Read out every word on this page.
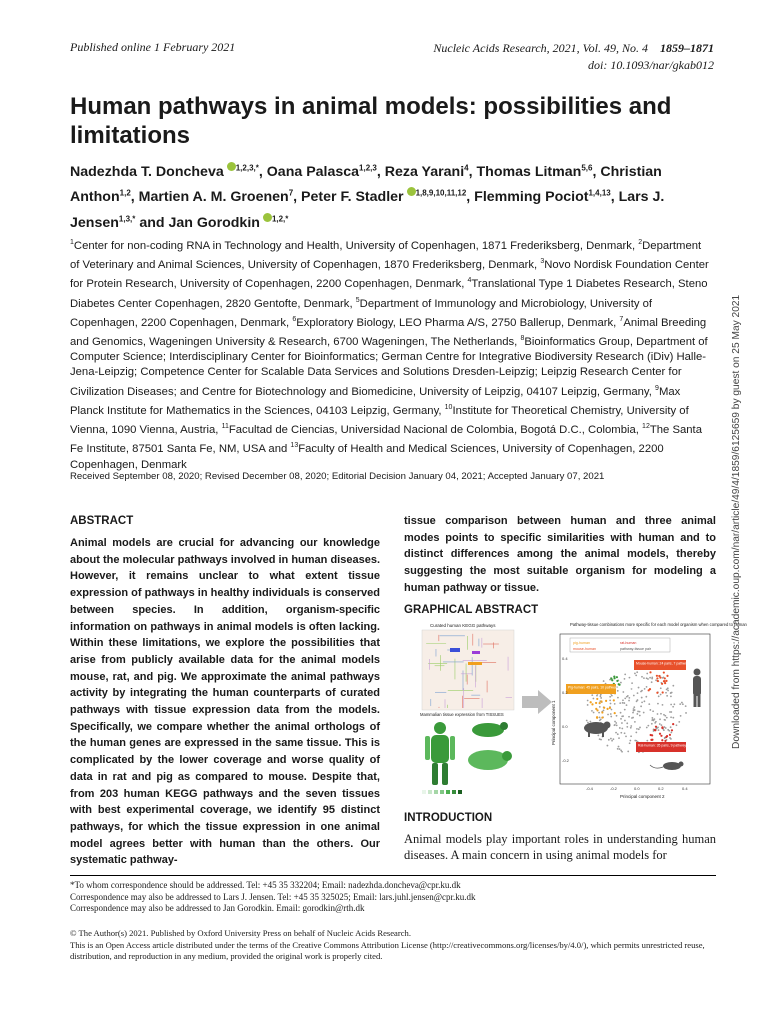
Published online 1 February 2021	Nucleic Acids Research, 2021, Vol. 49, No. 4 1859–1871
doi: 10.1093/nar/gkab012
Human pathways in animal models: possibilities and limitations
Nadezhda T. Doncheva $^{1,2,3,*}$, Oana Palasca$^{1,2,3}$, Reza Yarani$^4$, Thomas Litman$^{5,6}$, Christian Anthon$^{1,2}$, Martien A. M. Groenen$^7$, Peter F. Stadler $^{1,8,9,10,11,12}$, Flemming Pociot$^{1,4,13}$, Lars J. Jensen$^{1,3,*}$ and Jan Gorodkin $^{1,2,*}$
$^1$Center for non-coding RNA in Technology and Health, University of Copenhagen, 1871 Frederiksberg, Denmark, $^2$Department of Veterinary and Animal Sciences, University of Copenhagen, 1870 Frederiksberg, Denmark, $^3$Novo Nordisk Foundation Center for Protein Research, University of Copenhagen, 2200 Copenhagen, Denmark, $^4$Translational Type 1 Diabetes Research, Steno Diabetes Center Copenhagen, 2820 Gentofte, Denmark, $^5$Department of Immunology and Microbiology, University of Copenhagen, 2200 Copenhagen, Denmark, $^6$Exploratory Biology, LEO Pharma A/S, 2750 Ballerup, Denmark, $^7$Animal Breeding and Genomics, Wageningen University & Research, 6700 Wageningen, The Netherlands, $^8$Bioinformatics Group, Department of Computer Science; Interdisciplinary Center for Bioinformatics; German Centre for Integrative Biodiversity Research (iDiv) Halle-Jena-Leipzig; Competence Center for Scalable Data Services and Solutions Dresden-Leipzig; Leipzig Research Center for Civilization Diseases; and Centre for Biotechnology and Biomedicine, University of Leipzig, 04107 Leipzig, Germany, $^9$Max Planck Institute for Mathematics in the Sciences, 04103 Leipzig, Germany, $^{10}$Institute for Theoretical Chemistry, University of Vienna, 1090 Vienna, Austria, $^{11}$Facultad de Ciencias, Universidad Nacional de Colombia, Bogotá D.C., Colombia, $^{12}$The Santa Fe Institute, 87501 Santa Fe, NM, USA and $^{13}$Faculty of Health and Medical Sciences, University of Copenhagen, 2200 Copenhagen, Denmark
Received September 08, 2020; Revised December 08, 2020; Editorial Decision January 04, 2021; Accepted January 07, 2021
ABSTRACT
Animal models are crucial for advancing our knowledge about the molecular pathways involved in human diseases. However, it remains unclear to what extent tissue expression of pathways in healthy individuals is conserved between species. In addition, organism-specific information on pathways in animal models is often lacking. Within these limitations, we explore the possibilities that arise from publicly available data for the animal models mouse, rat, and pig. We approximate the animal pathways activity by integrating the human counterparts of curated pathways with tissue expression data from the models. Specifically, we compare whether the animal orthologs of the human genes are expressed in the same tissue. This is complicated by the lower coverage and worse quality of data in rat and pig as compared to mouse. Despite that, from 203 human KEGG pathways and the seven tissues with best experimental coverage, we identify 95 distinct pathways, for which the tissue expression in one animal model agrees better with human than the others. Our systematic pathway-
tissue comparison between human and three animal modes points to specific similarities with human and to distinct differences among the animal models, thereby suggesting the most suitable organism for modeling a human pathway or tissue.
GRAPHICAL ABSTRACT
Curated human KEGG pathways
Mammalian tissue expression from TISSUES
Pathway-tissue combinations more specific for each model organism when compared to human
pig-human	rat-human
mouse-human	pathway-tissue pair
Mouse-human: 24 pairs, 7 pathways in lung
Pig-human: 45 pairs, 10 pathways in muscle
Rat-human: 35 pairs, 9 pathways in spleen
-0.4	-0.2	0.0	0.2	0.4
0.4
0.2
0.0
-0.2
Principal component 2
Principal component 1
INTRODUCTION
Animal models play important roles in understanding human diseases. A main concern in using animal models for
*To whom correspondence should be addressed. Tel: +45 35 332204; Email: nadezhda.doncheva@cpr.ku.dk
Correspondence may also be addressed to Lars J. Jensen. Tel: +45 35 325025; Email: lars.juhl.jensen@cpr.ku.dk
Correspondence may also be addressed to Jan Gorodkin. Email: gorodkin@rth.dk
© The Author(s) 2021. Published by Oxford University Press on behalf of Nucleic Acids Research.
This is an Open Access article distributed under the terms of the Creative Commons Attribution License (http://creativecommons.org/licenses/by/4.0/), which permits unrestricted reuse, distribution, and reproduction in any medium, provided the original work is properly cited.
Downloaded from https://academic.oup.com/nar/article/49/4/1859/6125659 by guest on 25 May 2021
